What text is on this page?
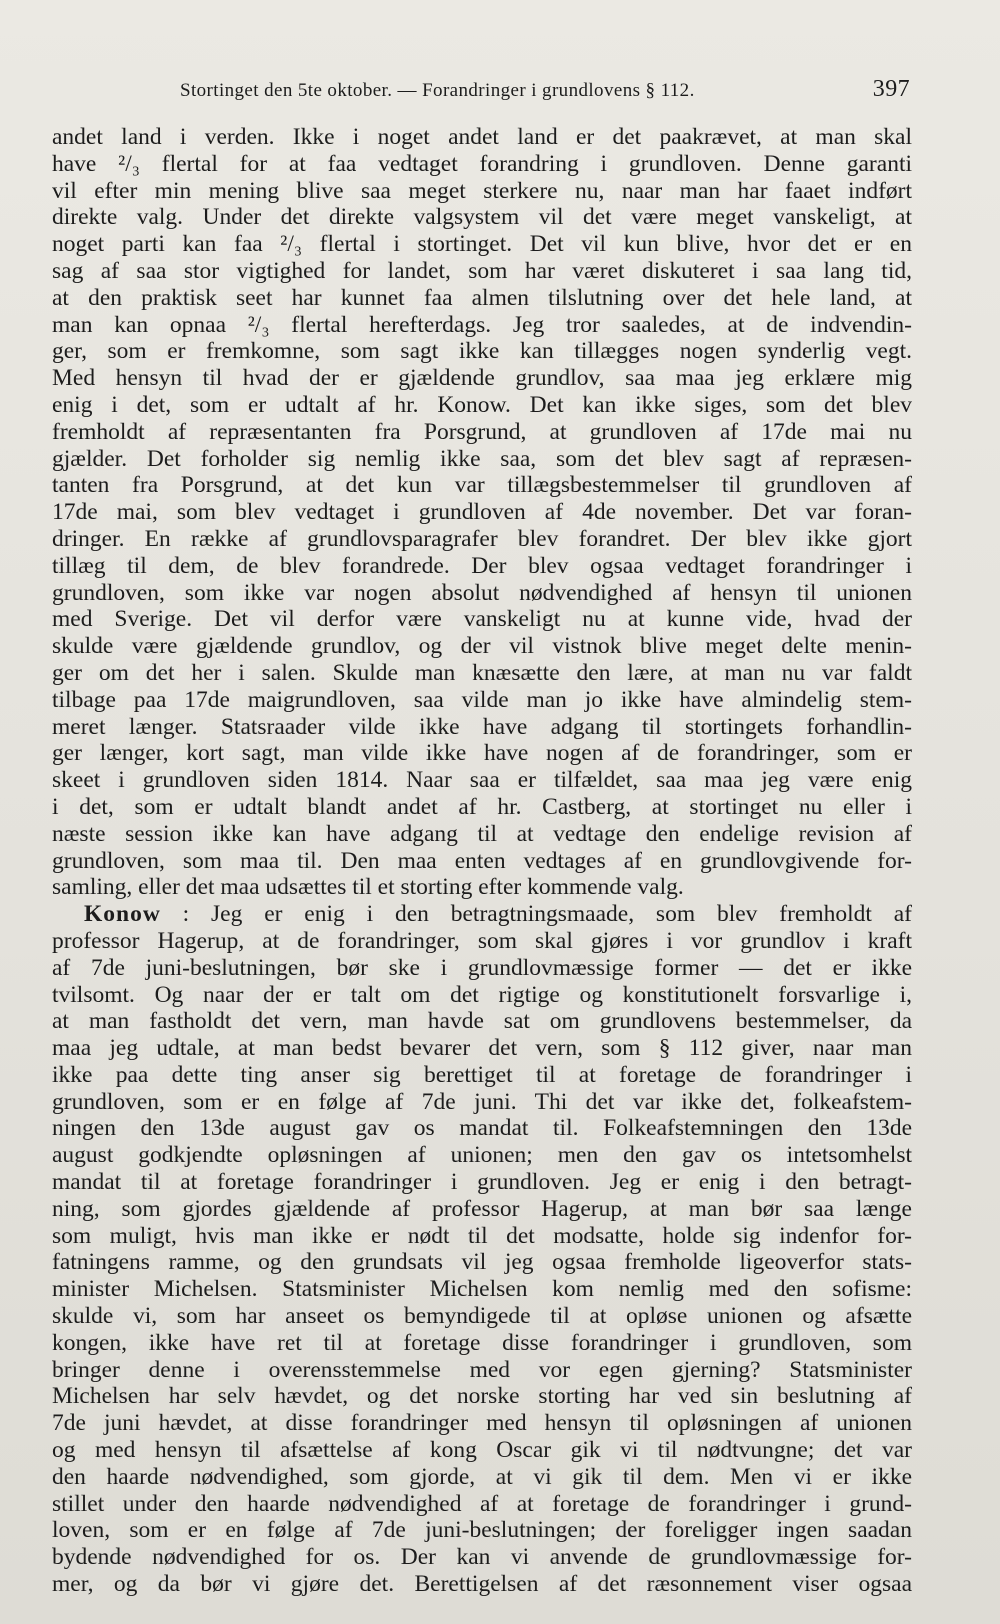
Stortinget den 5te oktober. — Forandringer i grundlovens § 112.	397
andet land i verden. Ikke i noget andet land er det paakrævet, at man skal
have ²/₃ flertal for at faa vedtaget forandring i grundloven. Denne garanti
vil efter min mening blive saa meget sterkere nu, naar man har faaet indført
direkte valg. Under det direkte valgsystem vil det være meget vanskeligt, at
noget parti kan faa ²/₃ flertal i stortinget. Det vil kun blive, hvor det er en
sag af saa stor vigtighed for landet, som har været diskuteret i saa lang tid,
at den praktisk seet har kunnet faa almen tilslutning over det hele land, at
man kan opnaa ²/₃ flertal herefterdags. Jeg tror saaledes, at de indvendin-
ger, som er fremkomne, som sagt ikke kan tillægges nogen synderlig vegt.
Med hensyn til hvad der er gjældende grundlov, saa maa jeg erklære mig
enig i det, som er udtalt af hr. Konow. Det kan ikke siges, som det blev
fremholdt af repræsentanten fra Porsgrund, at grundloven af 17de mai nu
gjælder. Det forholder sig nemlig ikke saa, som det blev sagt af repræsen-
tanten fra Porsgrund, at det kun var tillægsbestemmelser til grundloven af
17de mai, som blev vedtaget i grundloven af 4de november. Det var foran-
dringer. En række af grundlovsparagrafer blev forandret. Der blev ikke gjort
tillæg til dem, de blev forandrede. Der blev ogsaa vedtaget forandringer i
grundloven, som ikke var nogen absolut nødvendighed af hensyn til unionen
med Sverige. Det vil derfor være vanskeligt nu at kunne vide, hvad der
skulde være gjældende grundlov, og der vil vistnok blive meget delte menin-
ger om det her i salen. Skulde man knæsætte den lære, at man nu var faldt
tilbage paa 17de maigrundloven, saa vilde man jo ikke have almindelig stem-
meret længer. Statsraader vilde ikke have adgang til stortingets forhandlin-
ger længer, kort sagt, man vilde ikke have nogen af de forandringer, som er
skeet i grundloven siden 1814. Naar saa er tilfældet, saa maa jeg være enig
i det, som er udtalt blandt andet af hr. Castberg, at stortinget nu eller i
næste session ikke kan have adgang til at vedtage den endelige revision af
grundloven, som maa til. Den maa enten vedtages af en grundlovgivende for-
samling, eller det maa udsættes til et storting efter kommende valg.
Konow : Jeg er enig i den betragtningsmaade, som blev fremholdt af
professor Hagerup, at de forandringer, som skal gjøres i vor grundlov i kraft
af 7de juni-beslutningen, bør ske i grundlovmæssige former — det er ikke
tvilsomt. Og naar der er talt om det rigtige og konstitutionelt forsvarlige i,
at man fastholdt det vern, man havde sat om grundlovens bestemmelser, da
maa jeg udtale, at man bedst bevarer det vern, som § 112 giver, naar man
ikke paa dette ting anser sig berettiget til at foretage de forandringer i
grundloven, som er en følge af 7de juni. Thi det var ikke det, folkeafstem-
ningen den 13de august gav os mandat til. Folkeafstemningen den 13de
august godkjendte opløsningen af unionen; men den gav os intetsomhelst
mandat til at foretage forandringer i grundloven. Jeg er enig i den betragt-
ning, som gjordes gjældende af professor Hagerup, at man bør saa længe
som muligt, hvis man ikke er nødt til det modsatte, holde sig indenfor for-
fatningens ramme, og den grundsats vil jeg ogsaa fremholde ligeoverfor stats-
minister Michelsen. Statsminister Michelsen kom nemlig med den sofisme:
skulde vi, som har anseet os bemyndigede til at opløse unionen og afsætte
kongen, ikke have ret til at foretage disse forandringer i grundloven, som
bringer denne i overensstemmelse med vor egen gjerning? Statsminister
Michelsen har selv hævdet, og det norske storting har ved sin beslutning af
7de juni hævdet, at disse forandringer med hensyn til opløsningen af unionen
og med hensyn til afsættelse af kong Oscar gik vi til nødtvungne; det var
den haarde nødvendighed, som gjorde, at vi gik til dem. Men vi er ikke
stillet under den haarde nødvendighed af at foretage de forandringer i grund-
loven, som er en følge af 7de juni-beslutningen; der foreligger ingen saadan
bydende nødvendighed for os. Der kan vi anvende de grundlovmæssige for-
mer, og da bør vi gjøre det. Berettigelsen af det ræsonnement viser ogsaa
